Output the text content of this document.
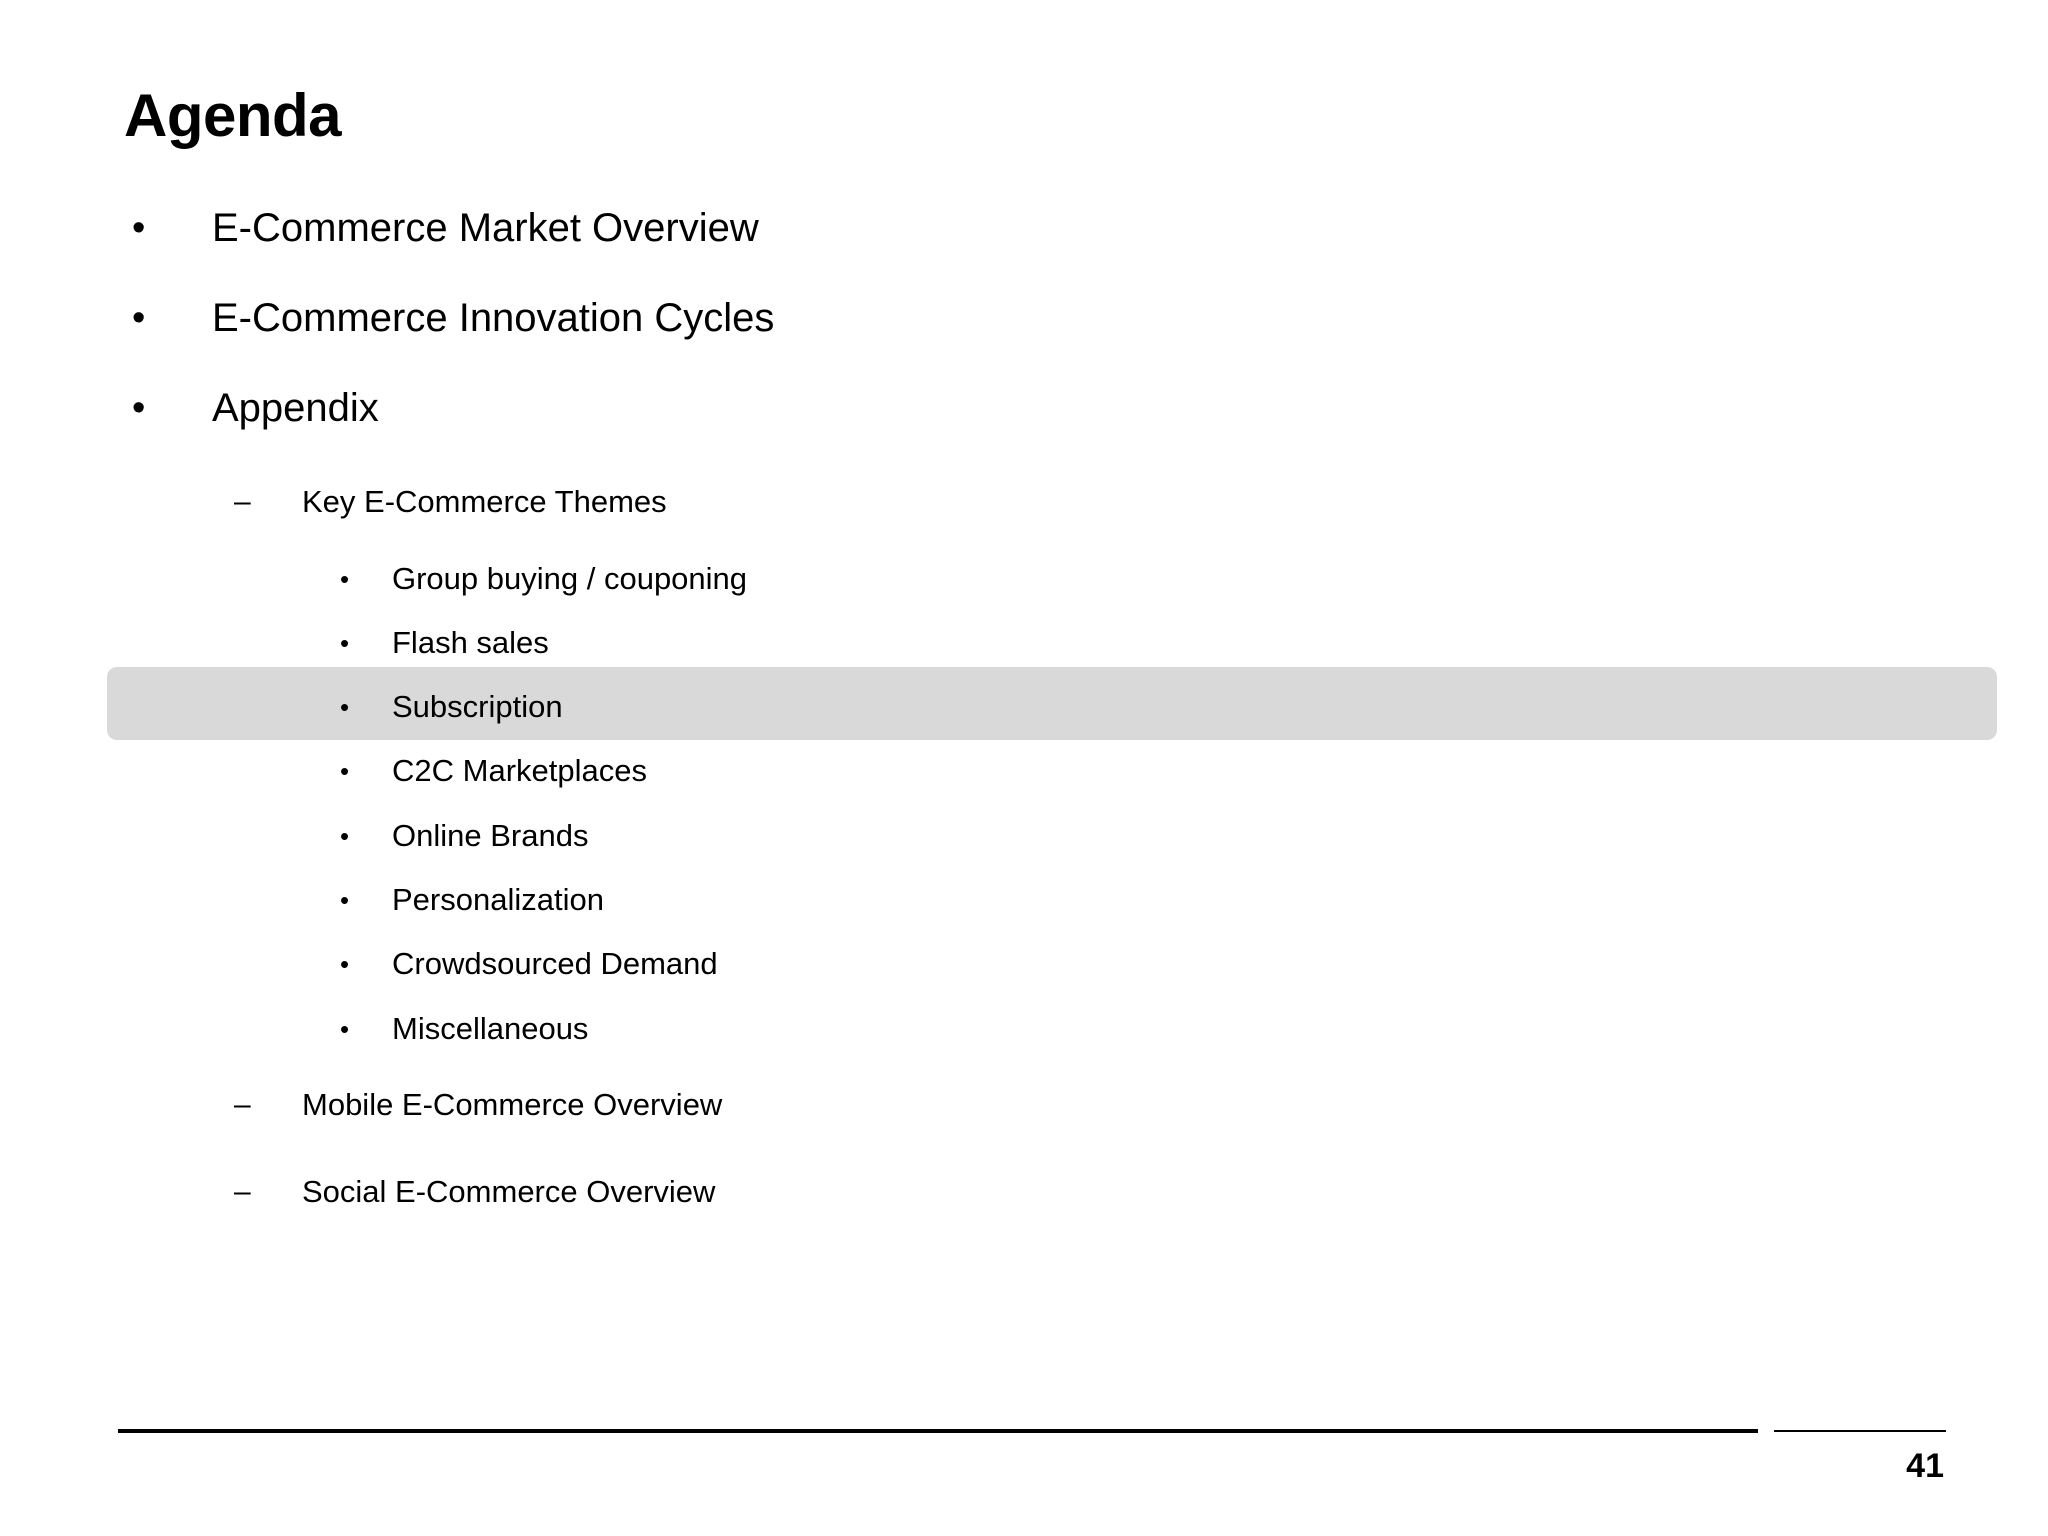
Agenda
• E-Commerce Market Overview
• E-Commerce Innovation Cycles
• Appendix
– Key E-Commerce Themes
• Group buying / couponing
• Flash sales
• Subscription
• C2C Marketplaces
• Online Brands
• Personalization
• Crowdsourced Demand
• Miscellaneous
– Mobile E-Commerce Overview
– Social E-Commerce Overview
41
